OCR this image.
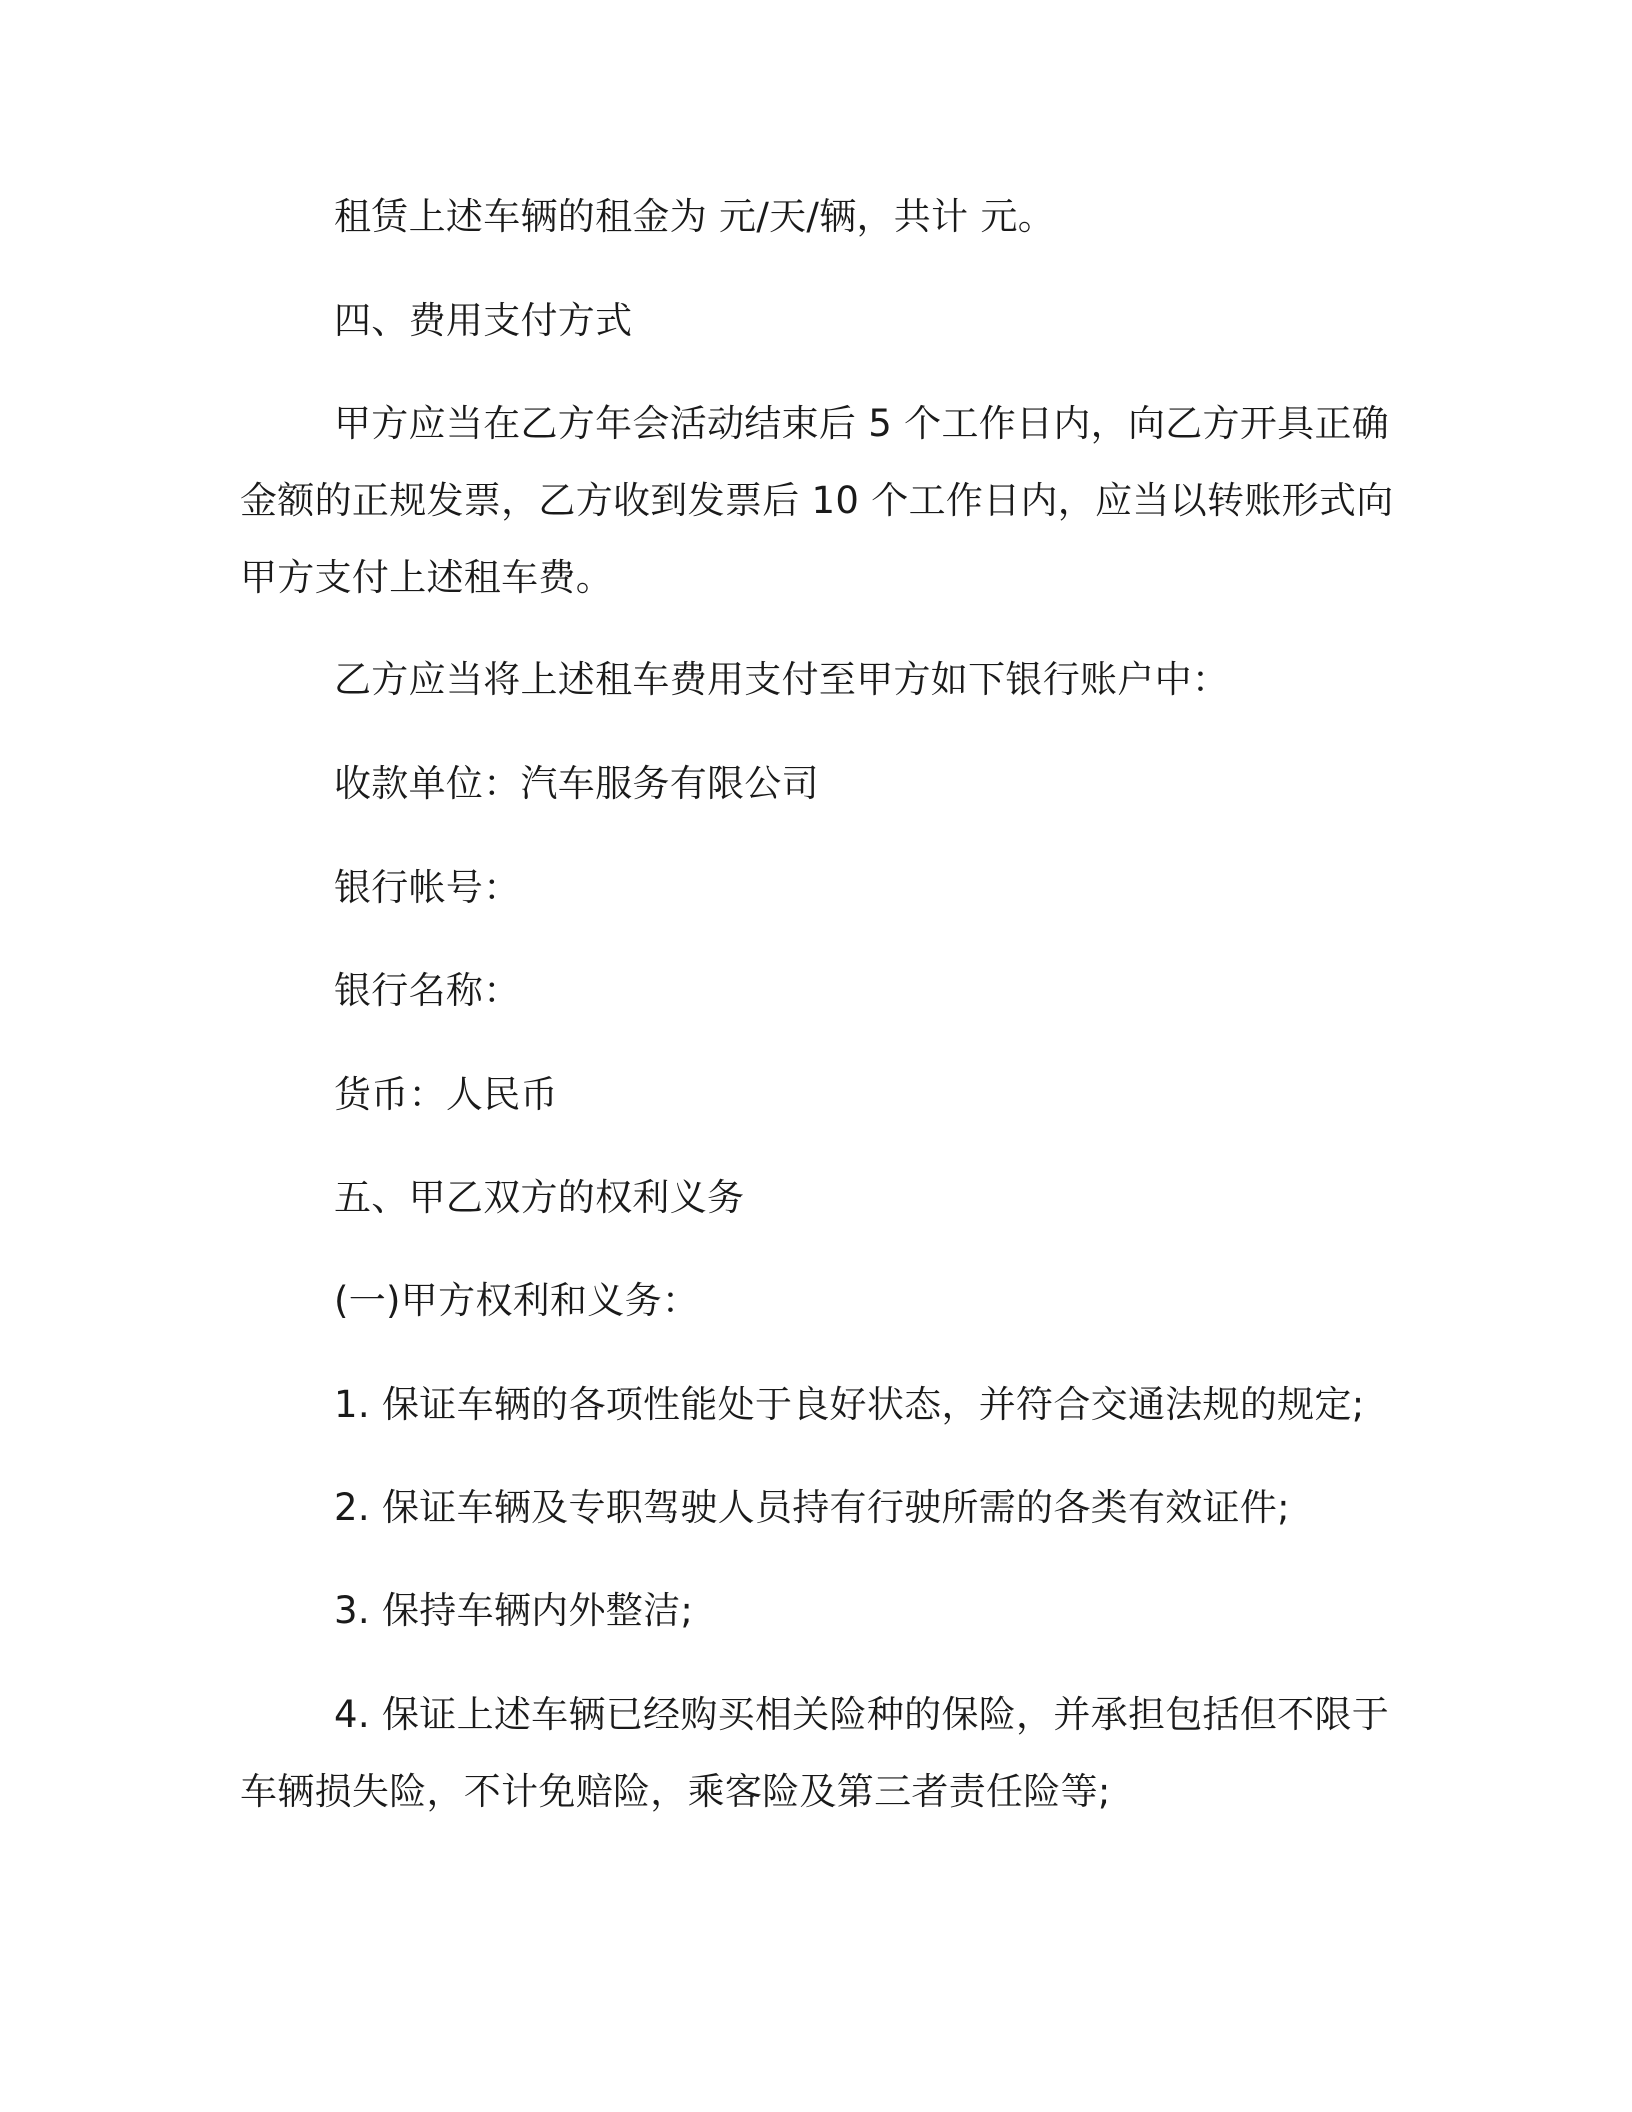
租赁上述车辆的租金为 元/天/辆，共计 元。

四、费用支付方式

甲方应当在乙方年会活动结束后 5 个工作日内，向乙方开具正确

金额的正规发票，乙方收到发票后 10 个工作日内，应当以转账形式向

甲方支付上述租车费。

乙方应当将上述租车费用支付至甲方如下银行账户中：

收款单位：汽车服务有限公司

银行帐号：

银行名称：

货币：人民币

五、甲乙双方的权利义务

(一)甲方权利和义务：

1. 保证车辆的各项性能处于良好状态，并符合交通法规的规定;

2. 保证车辆及专职驾驶人员持有行驶所需的各类有效证件;

3. 保持车辆内外整洁;

4. 保证上述车辆已经购买相关险种的保险，并承担包括但不限于

车辆损失险，不计免赔险，乘客险及第三者责任险等;
